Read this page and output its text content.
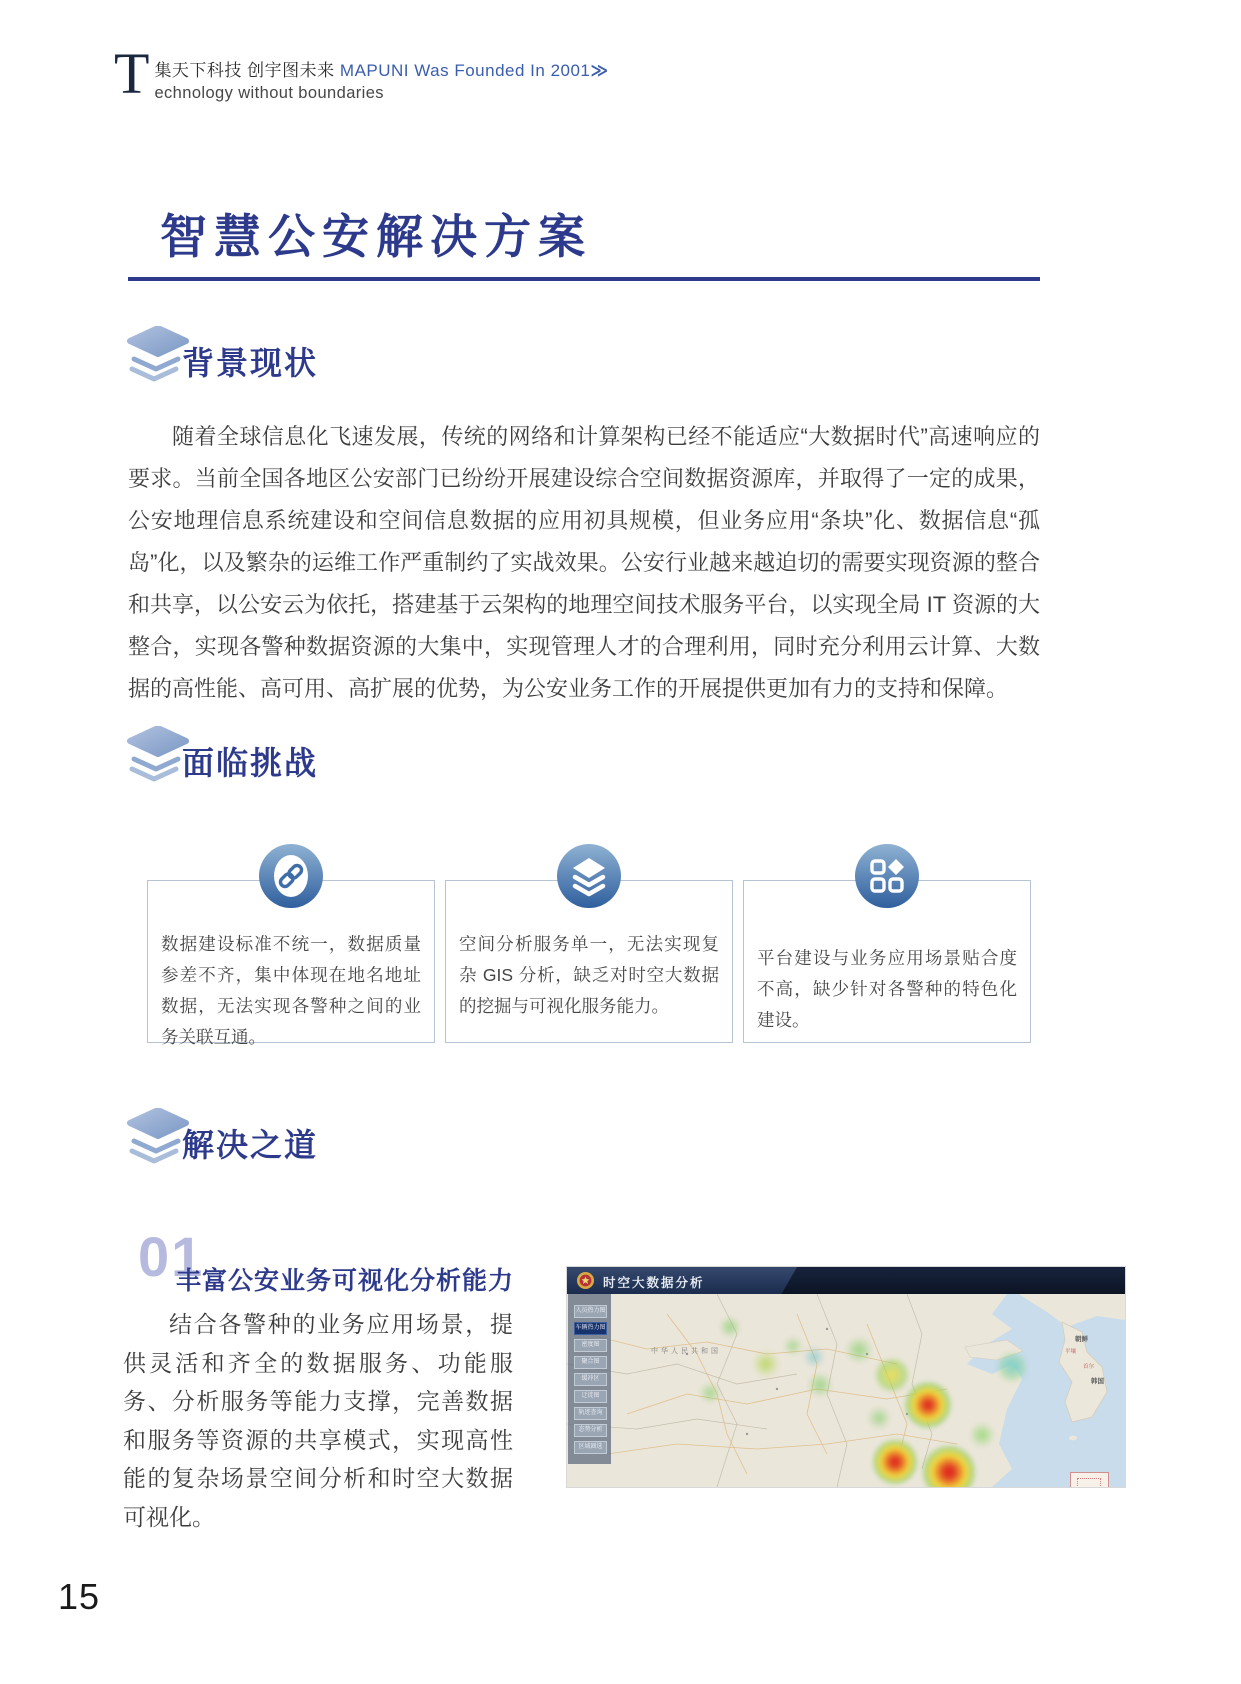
T 集天下科技 创宇图未来 MAPUNI Was Founded In 2001≫
echnology without boundaries
智慧公安解决方案
背景现状
随着全球信息化飞速发展，传统的网络和计算架构已经不能适应“大数据时代”高速响应的要求。当前全国各地区公安部门已纷纷开展建设综合空间数据资源库，并取得了一定的成果，公安地理信息系统建设和空间信息数据的应用初具规模，但业务应用“条块”化、数据信息“孤岛”化，以及繁杂的运维工作严重制约了实战效果。公安行业越来越迫切的需要实现资源的整合和共享，以公安云为依托，搭建基于云架构的地理空间技术服务平台，以实现全局 IT 资源的大整合，实现各警种数据资源的大集中，实现管理人才的合理利用，同时充分利用云计算、大数据的高性能、高可用、高扩展的优势，为公安业务工作的开展提供更加有力的支持和保障。
面临挑战
数据建设标准不统一，数据质量参差不齐，集中体现在地名地址数据，无法实现各警种之间的业务关联互通。
空间分析服务单一，无法实现复杂 GIS 分析，缺乏对时空大数据的挖掘与可视化服务能力。
平台建设与业务应用场景贴合度不高，缺少针对各警种的特色化建设。
解决之道
01
丰富公安业务可视化分析能力
结合各警种的业务应用场景，提供灵活和齐全的数据服务、功能服务、分析服务等能力支撑，完善数据和服务等资源的共享模式，实现高性能的复杂场景空间分析和时空大数据可视化。
中华人民共和国
朝鲜
平壤
首尔
韩国
时空大数据分析
人员热力图
车辆热力图
密度图
聚合图
缓冲区
迁徙图
轨迹查询
态势分析
区域圈选
15
